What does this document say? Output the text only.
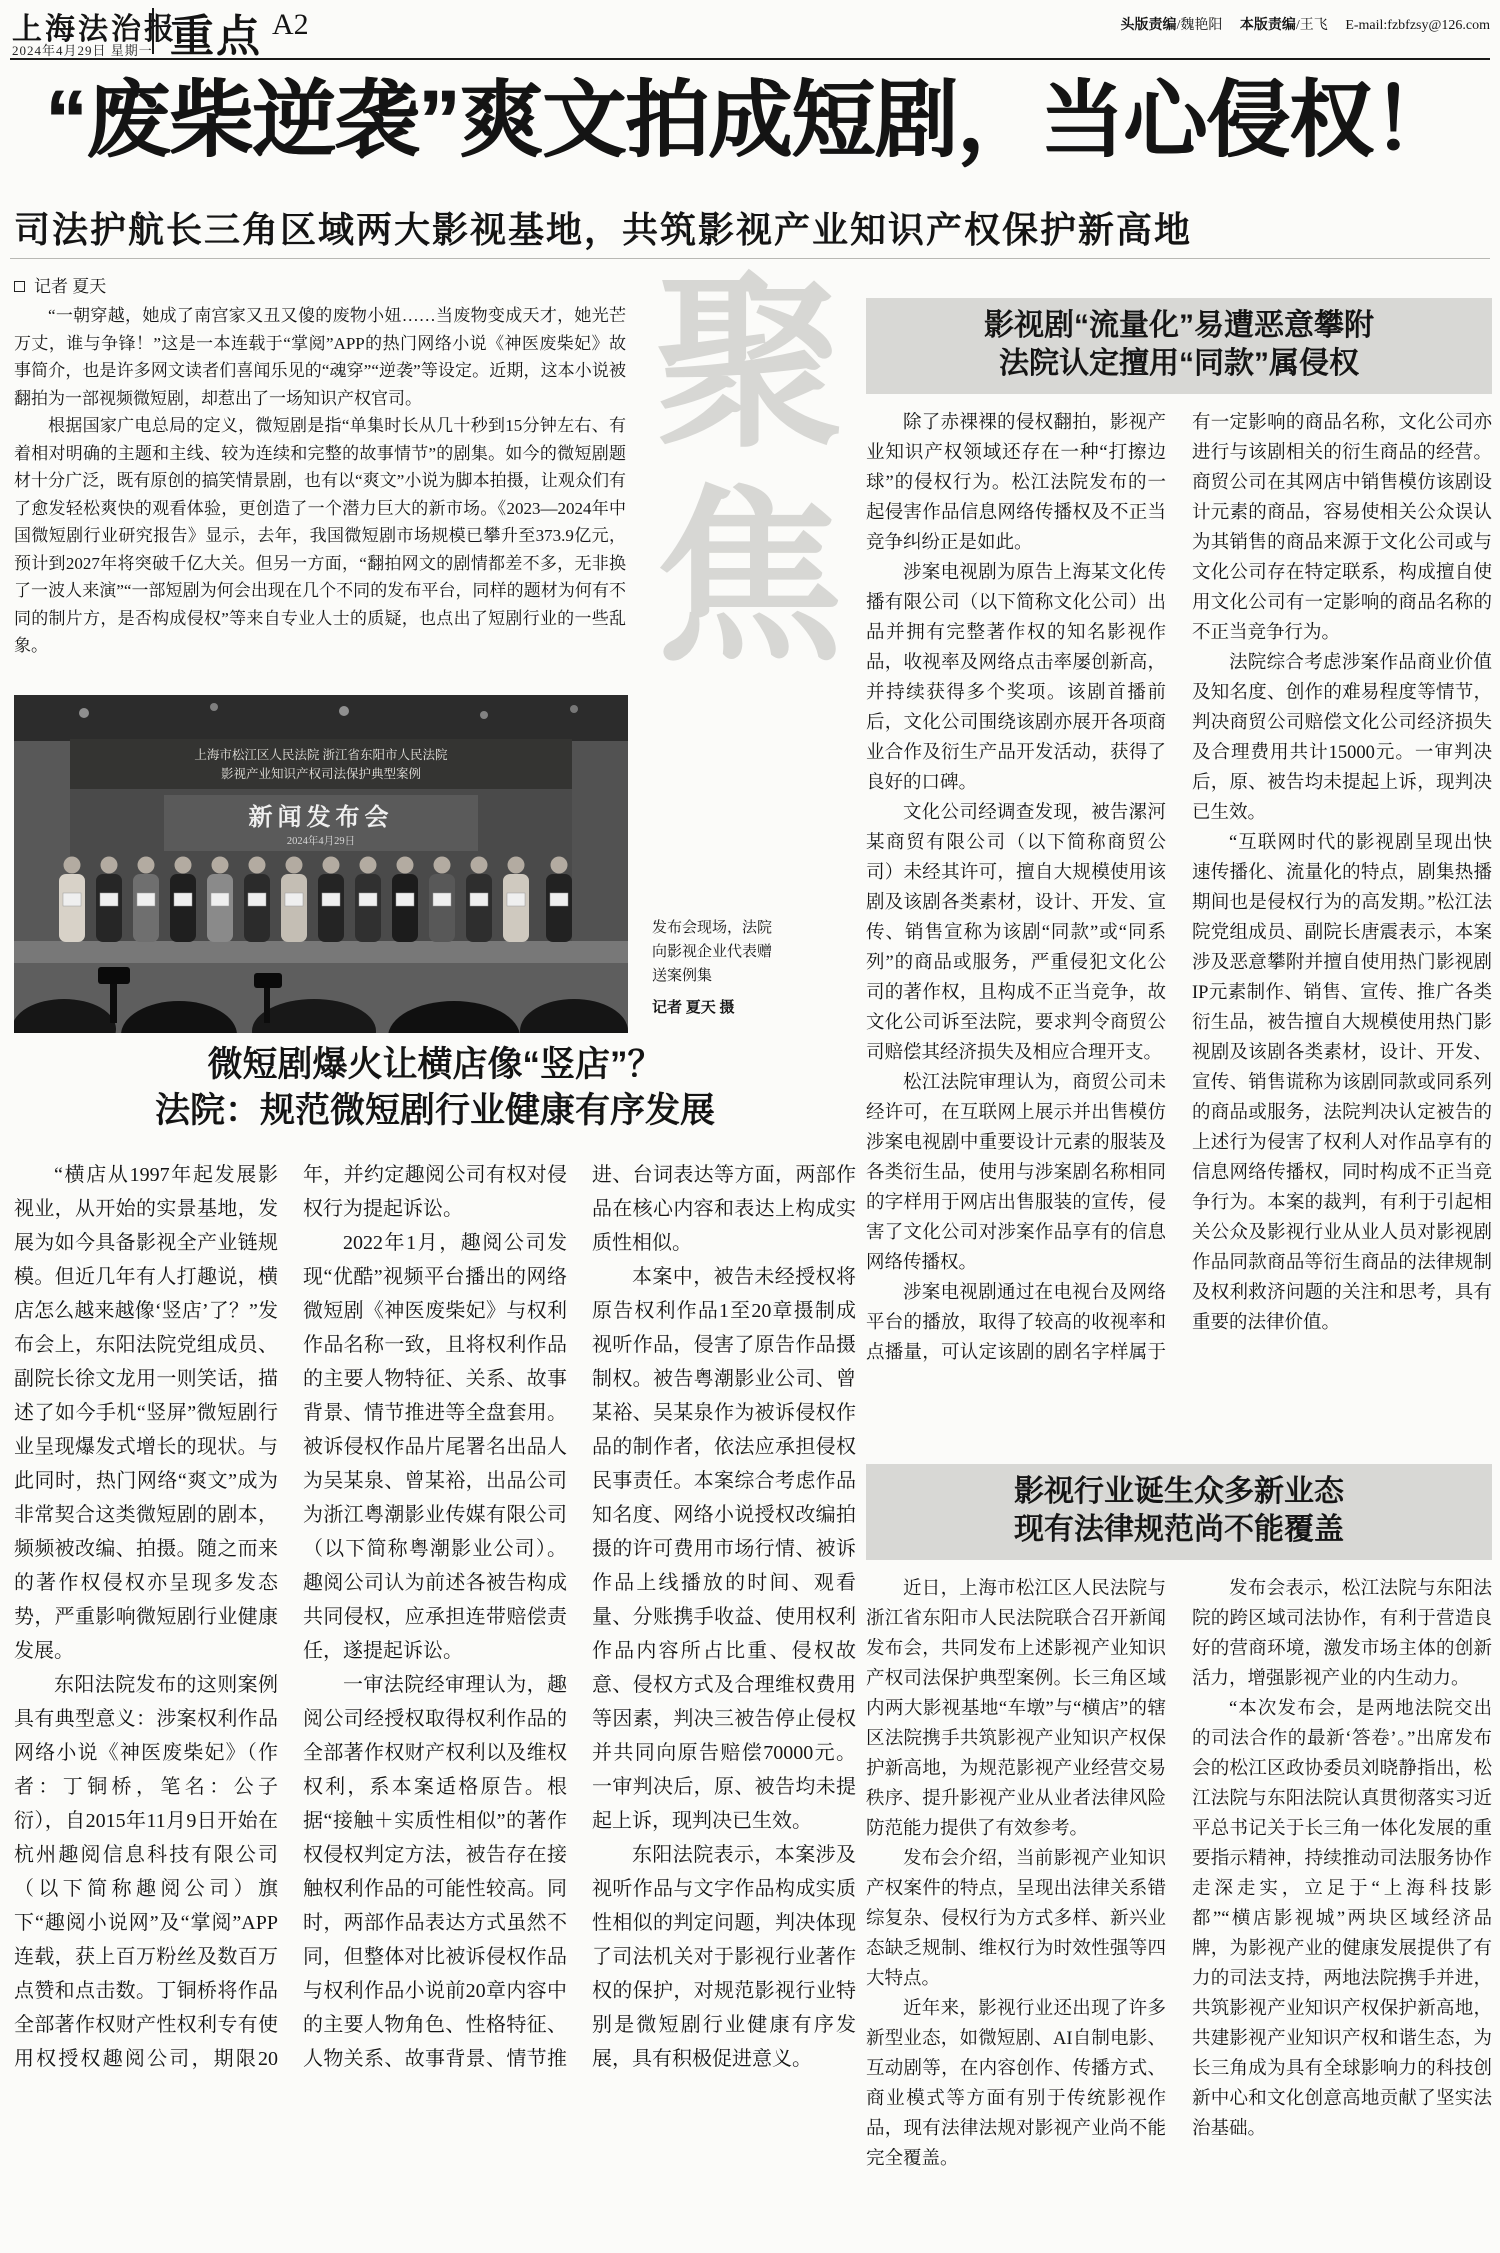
上海法治报
2024年4月29日 星期一 重点 A2	头版责编/魏艳阳 本版责编/王飞 E-mail:fzbfzsy@126.com
“废柴逆袭”爽文拍成短剧，当心侵权！
司法护航长三角区域两大影视基地，共筑影视产业知识产权保护新高地
聚
焦
记者 夏天

“一朝穿越，她成了南宫家又丑又傻的废物小妞……当废物变成天才，她光芒万丈，谁与争锋！”这是一本连载于“掌阅”APP的热门网络小说《神医废柴妃》故事简介，也是许多网文读者们喜闻乐见的“魂穿”“逆袭”等设定。近期，这本小说被翻拍为一部视频微短剧，却惹出了一场知识产权官司。

根据国家广电总局的定义，微短剧是指“单集时长从几十秒到15分钟左右、有着相对明确的主题和主线、较为连续和完整的故事情节”的剧集。如今的微短剧题材十分广泛，既有原创的搞笑情景剧，也有以“爽文”小说为脚本拍摄，让观众们有了愈发轻松爽快的观看体验，更创造了一个潜力巨大的新市场。《2023—2024年中国微短剧行业研究报告》显示，去年，我国微短剧市场规模已攀升至373.9亿元，预计到2027年将突破千亿大关。但另一方面，“翻拍网文的剧情都差不多，无非换了一波人来演”“一部短剧为何会出现在几个不同的发布平台，同样的题材为何有不同的制片方，是否构成侵权”等来自专业人士的质疑，也点出了短剧行业的一些乱象。

上海市松江区人民法院 浙江省东阳市人民法院
影视产业知识产权司法保护典型案例
新闻发布会
2024年4月29日

发布会现场，法院向影视企业代表赠送案例集

记者 夏天 摄

微短剧爆火让横店像“竖店”？
法院：规范微短剧行业健康有序发展

“横店从1997年起发展影视业，从开始的实景基地，发展为如今具备影视全产业链规模。但近几年有人打趣说，横店怎么越来越像‘竖店’了？”发布会上，东阳法院党组成员、副院长徐文龙用一则笑话，描述了如今手机“竖屏”微短剧行业呈现爆发式增长的现状。与此同时，热门网络“爽文”成为非常契合这类微短剧的剧本，频频被改编、拍摄。随之而来的著作权侵权亦呈现多发态势，严重影响微短剧行业健康发展。

东阳法院发布的这则案例具有典型意义：涉案权利作品网络小说《神医废柴妃》（作者：丁铜桥，笔名：公子衍），自2015年11月9日开始在杭州趣阅信息科技有限公司（以下简称趣阅公司）旗下“趣阅小说网”及“掌阅”APP连载，获上百万粉丝及数百万点赞和点击数。丁铜桥将作品全部著作权财产性权利专有使用权授权趣阅公司，期限20年，并约定趣阅公司有权对侵权行为提起诉讼。

2022年1月，趣阅公司发现“优酷”视频平台播出的网络微短剧《神医废柴妃》与权利作品名称一致，且将权利作品的主要人物特征、关系、故事背景、情节推进等全盘套用。被诉侵权作品片尾署名出品人为吴某泉、曾某裕，出品公司为浙江粤潮影业传媒有限公司（以下简称粤潮影业公司）。趣阅公司认为前述各被告构成共同侵权，应承担连带赔偿责任，遂提起诉讼。

一审法院经审理认为，趣阅公司经授权取得权利作品的全部著作权财产权利以及维权权利，系本案适格原告。根据“接触＋实质性相似”的著作权侵权判定方法，被告存在接触权利作品的可能性较高。同时，两部作品表达方式虽然不同，但整体对比被诉侵权作品与权利作品小说前20章内容中的主要人物角色、性格特征、人物关系、故事背景、情节推进、台词表达等方面，两部作品在核心内容和表达上构成实质性相似。

本案中，被告未经授权将原告权利作品1至20章摄制成视听作品，侵害了原告作品摄制权。被告粤潮影业公司、曾某裕、吴某泉作为被诉侵权作品的制作者，依法应承担侵权民事责任。本案综合考虑作品知名度、网络小说授权改编拍摄的许可费用市场行情、被诉作品上线播放的时间、观看量、分账携手收益、使用权利作品内容所占比重、侵权故意、侵权方式及合理维权费用等因素，判决三被告停止侵权并共同向原告赔偿70000元。一审判决后，原、被告均未提起上诉，现判决已生效。

东阳法院表示，本案涉及视听作品与文字作品构成实质性相似的判定问题，判决体现了司法机关对于影视行业著作权的保护，对规范影视行业特别是微短剧行业健康有序发展，具有积极促进意义。

影视剧“流量化”易遭恶意攀附
法院认定擅用“同款”属侵权

除了赤裸裸的侵权翻拍，影视产业知识产权领域还存在一种“打擦边球”的侵权行为。松江法院发布的一起侵害作品信息网络传播权及不正当竞争纠纷正是如此。

涉案电视剧为原告上海某文化传播有限公司（以下简称文化公司）出品并拥有完整著作权的知名影视作品，收视率及网络点击率屡创新高，并持续获得多个奖项。该剧首播前后，文化公司围绕该剧亦展开各项商业合作及衍生产品开发活动，获得了良好的口碑。

文化公司经调查发现，被告漯河某商贸有限公司（以下简称商贸公司）未经其许可，擅自大规模使用该剧及该剧各类素材，设计、开发、宣传、销售宣称为该剧“同款”或“同系列”的商品或服务，严重侵犯文化公司的著作权，且构成不正当竞争，故文化公司诉至法院，要求判令商贸公司赔偿其经济损失及相应合理开支。

松江法院审理认为，商贸公司未经许可，在互联网上展示并出售模仿涉案电视剧中重要设计元素的服装及各类衍生品，使用与涉案剧名称相同的字样用于网店出售服装的宣传，侵害了文化公司对涉案作品享有的信息网络传播权。

涉案电视剧通过在电视台及网络平台的播放，取得了较高的收视率和点播量，可认定该剧的剧名字样属于有一定影响的商品名称，文化公司亦进行与该剧相关的衍生商品的经营。商贸公司在其网店中销售模仿该剧设计元素的商品，容易使相关公众误认为其销售的商品来源于文化公司或与文化公司存在特定联系，构成擅自使用文化公司有一定影响的商品名称的不正当竞争行为。

法院综合考虑涉案作品商业价值及知名度、创作的难易程度等情节，判决商贸公司赔偿文化公司经济损失及合理费用共计15000元。一审判决后，原、被告均未提起上诉，现判决已生效。

“互联网时代的影视剧呈现出快速传播化、流量化的特点，剧集热播期间也是侵权行为的高发期。”松江法院党组成员、副院长唐震表示，本案涉及恶意攀附并擅自使用热门影视剧IP元素制作、销售、宣传、推广各类衍生品，被告擅自大规模使用热门影视剧及该剧各类素材，设计、开发、宣传、销售谎称为该剧同款或同系列的商品或服务，法院判决认定被告的上述行为侵害了权利人对作品享有的信息网络传播权，同时构成不正当竞争行为。本案的裁判，有利于引起相关公众及影视行业从业人员对影视剧作品同款商品等衍生商品的法律规制及权利救济问题的关注和思考，具有重要的法律价值。

影视行业诞生众多新业态
现有法律规范尚不能覆盖

近日，上海市松江区人民法院与浙江省东阳市人民法院联合召开新闻发布会，共同发布上述影视产业知识产权司法保护典型案例。长三角区域内两大影视基地“车墩”与“横店”的辖区法院携手共筑影视产业知识产权保护新高地，为规范影视产业经营交易秩序、提升影视产业从业者法律风险防范能力提供了有效参考。

发布会介绍，当前影视产业知识产权案件的特点，呈现出法律关系错综复杂、侵权行为方式多样、新兴业态缺乏规制、维权行为时效性强等四大特点。

近年来，影视行业还出现了许多新型业态，如微短剧、AI自制电影、互动剧等，在内容创作、传播方式、商业模式等方面有别于传统影视作品，现有法律法规对影视产业尚不能完全覆盖。

发布会表示，松江法院与东阳法院的跨区域司法协作，有利于营造良好的营商环境，激发市场主体的创新活力，增强影视产业的内生动力。

“本次发布会，是两地法院交出的司法合作的最新‘答卷’。”出席发布会的松江区政协委员刘晓静指出，松江法院与东阳法院认真贯彻落实习近平总书记关于长三角一体化发展的重要指示精神，持续推动司法服务协作走深走实，立足于“上海科技影都”“横店影视城”两块区域经济品牌，为影视产业的健康发展提供了有力的司法支持，两地法院携手并进，共筑影视产业知识产权保护新高地，共建影视产业知识产权和谐生态，为长三角成为具有全球影响力的科技创新中心和文化创意高地贡献了坚实法治基础。
